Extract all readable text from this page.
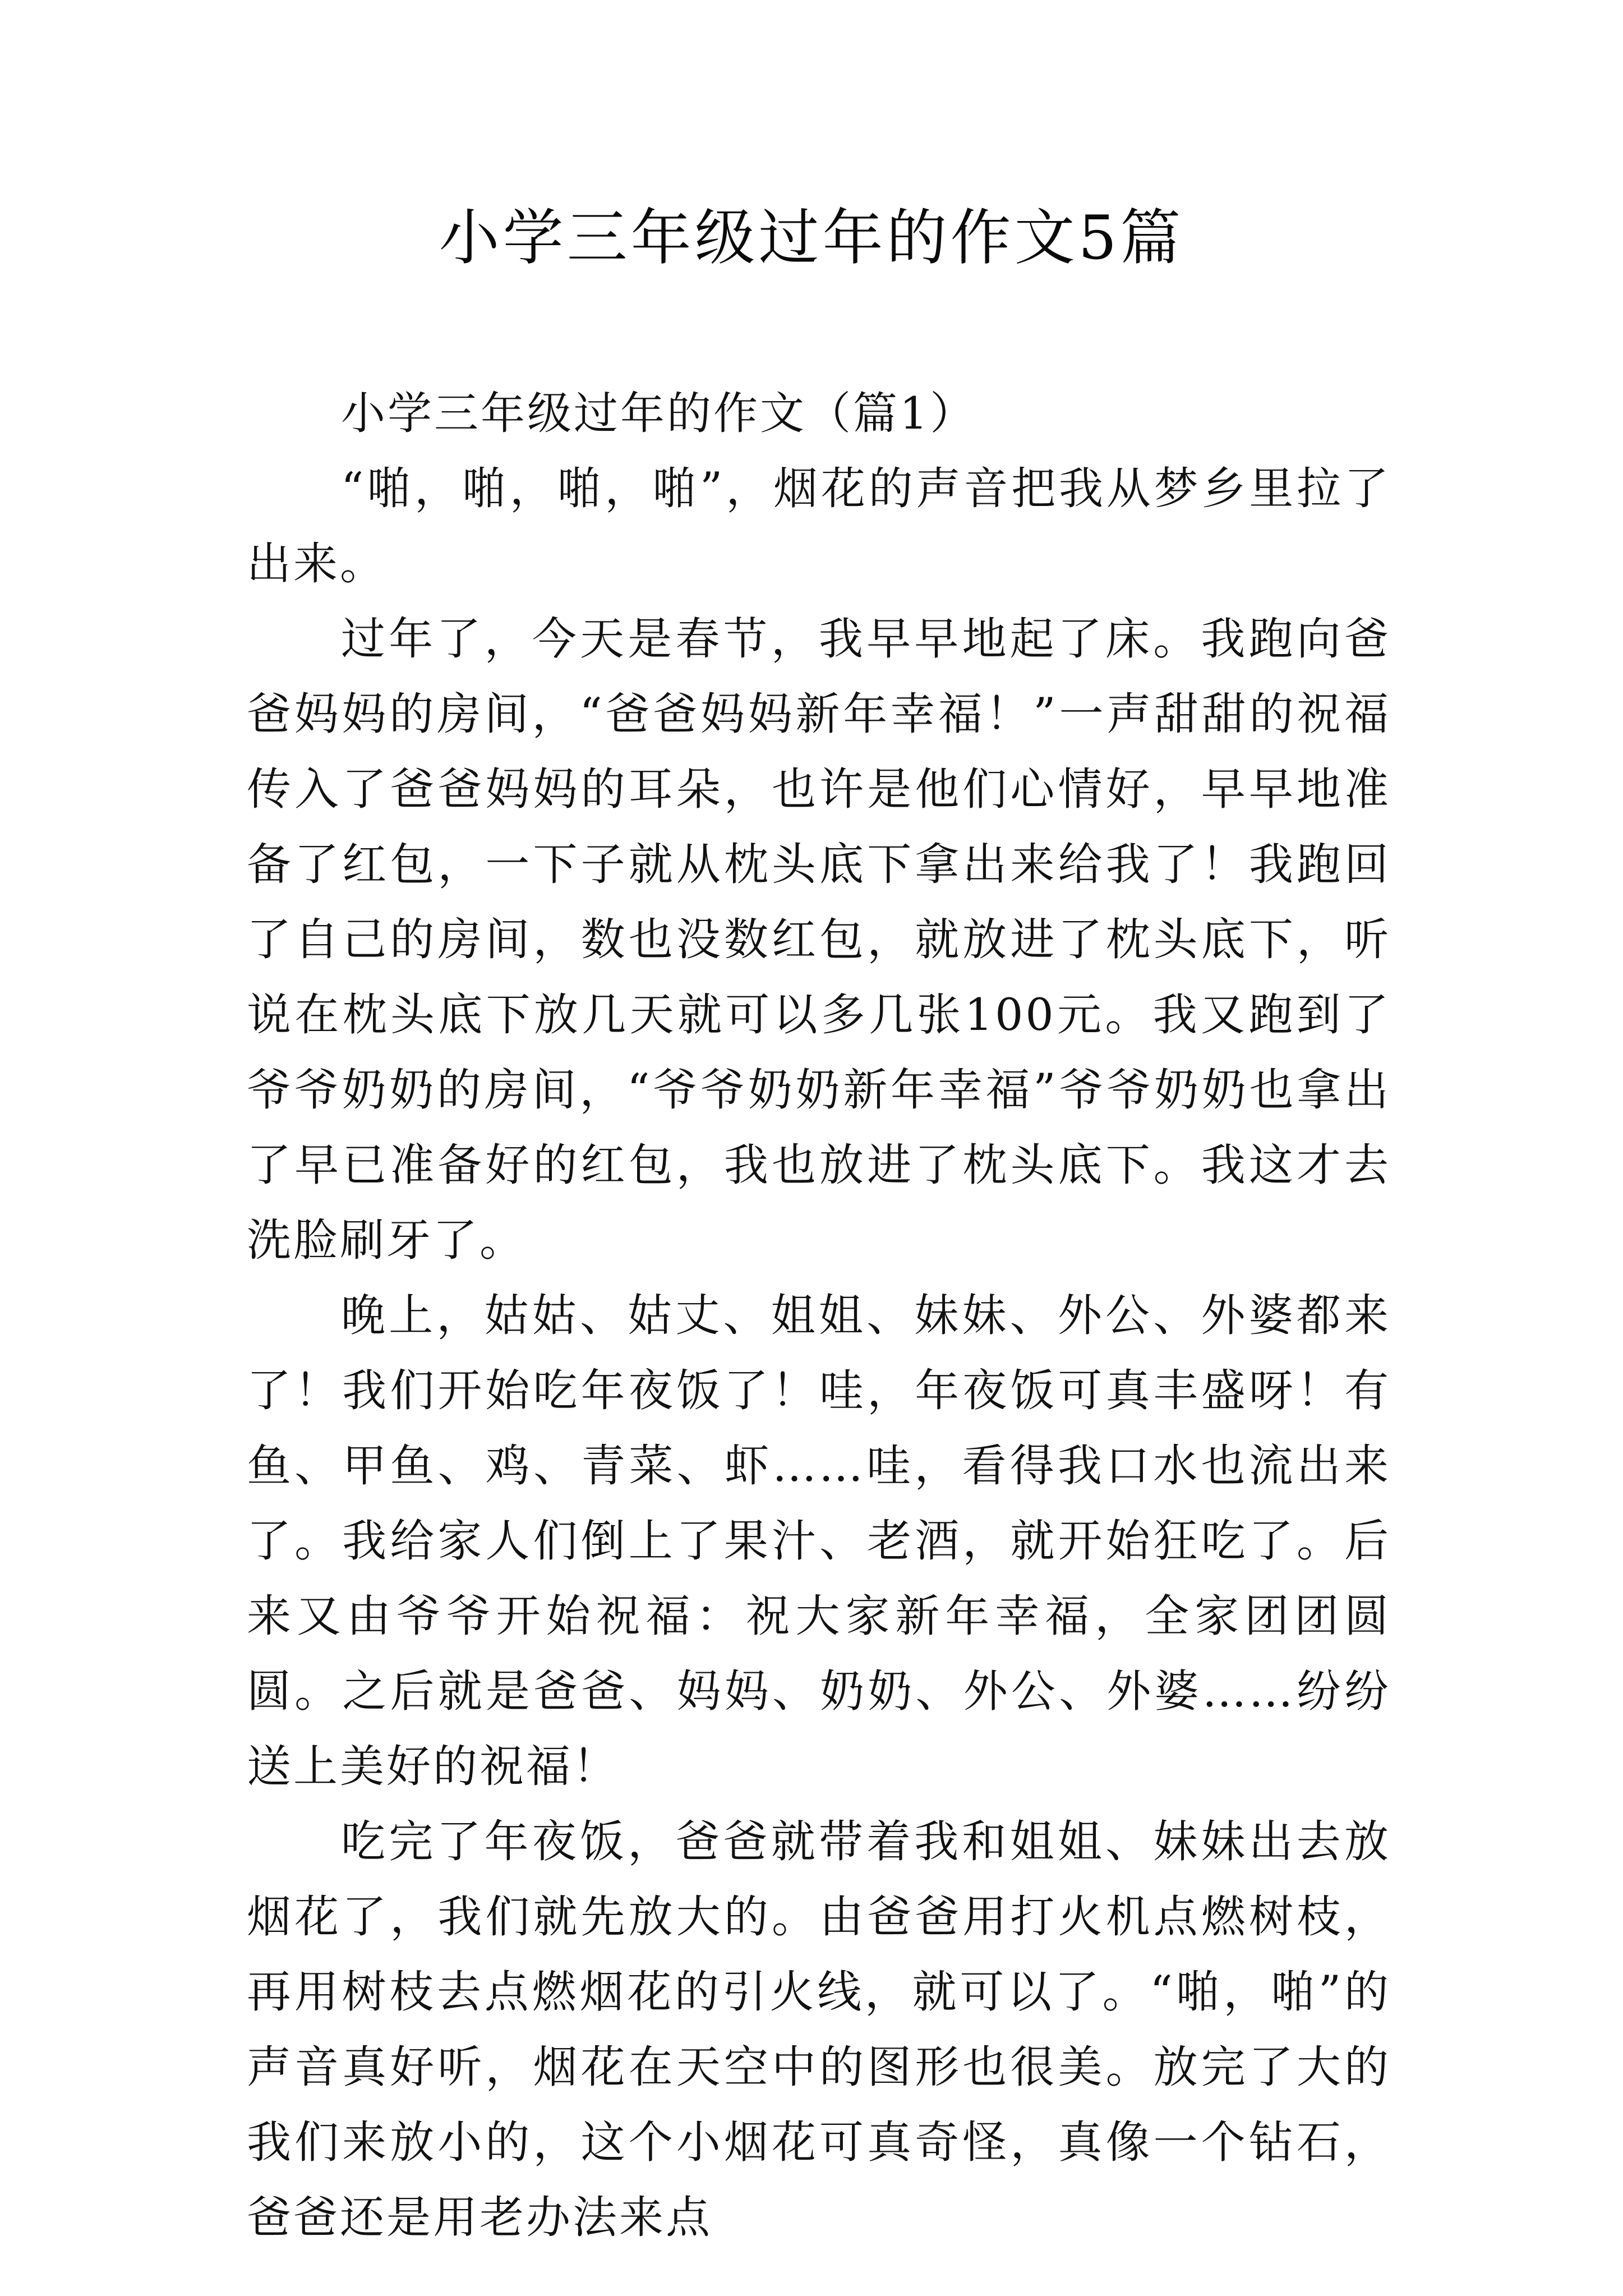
小学三年级过年的作文5篇

小学三年级过年的作文（篇1）

“啪，啪，啪，啪”，烟花的声音把我从梦乡里拉了出来。

过年了，今天是春节，我早早地起了床。我跑向爸爸妈妈的房间，“爸爸妈妈新年幸福！”一声甜甜的祝福传入了爸爸妈妈的耳朵，也许是他们心情好，早早地准备了红包，一下子就从枕头底下拿出来给我了！我跑回了自己的房间，数也没数红包，就放进了枕头底下，听说在枕头底下放几天就可以多几张100元。我又跑到了爷爷奶奶的房间，“爷爷奶奶新年幸福”爷爷奶奶也拿出了早已准备好的红包，我也放进了枕头底下。我这才去洗脸刷牙了。

晚上，姑姑、姑丈、姐姐、妹妹、外公、外婆都来了！我们开始吃年夜饭了！哇，年夜饭可真丰盛呀！有鱼、甲鱼、鸡、青菜、虾……哇，看得我口水也流出来了。我给家人们倒上了果汁、老酒，就开始狂吃了。后来又由爷爷开始祝福：祝大家新年幸福，全家团团圆圆。之后就是爸爸、妈妈、奶奶、外公、外婆……纷纷送上美好的祝福！

吃完了年夜饭，爸爸就带着我和姐姐、妹妹出去放烟花了，我们就先放大的。由爸爸用打火机点燃树枝，再用树枝去点燃烟花的引火线，就可以了。“啪，啪”的声音真好听，烟花在天空中的图形也很美。放完了大的我们来放小的，这个小烟花可真奇怪，真像一个钻石，爸爸还是用老办法来点
